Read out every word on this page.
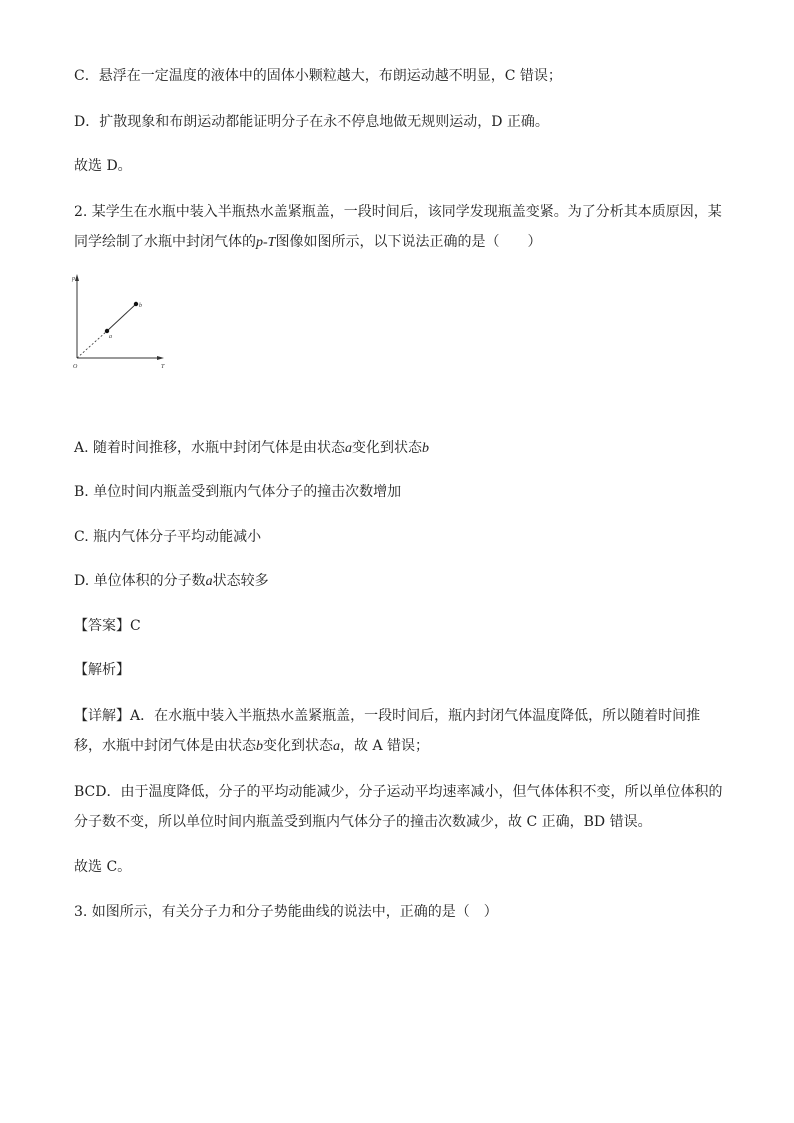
C．悬浮在一定温度的液体中的固体小颗粒越大，布朗运动越不明显，C 错误；
D．扩散现象和布朗运动都能证明分子在永不停息地做无规则运动，D 正确。
故选 D。
2. 某学生在水瓶中装入半瓶热水盖紧瓶盖，一段时间后，该同学发现瓶盖变紧。为了分析其本质原因，某
同学绘制了水瓶中封闭气体的p-T图像如图所示，以下说法正确的是（　　）
p
T
O
a
b
A. 随着时间推移，水瓶中封闭气体是由状态a变化到状态b
B. 单位时间内瓶盖受到瓶内气体分子的撞击次数增加
C. 瓶内气体分子平均动能减小
D. 单位体积的分子数a状态较多
【答案】C
【解析】
【详解】A．在水瓶中装入半瓶热水盖紧瓶盖，一段时间后，瓶内封闭气体温度降低，所以随着时间推
移，水瓶中封闭气体是由状态b变化到状态a，故 A 错误；
BCD．由于温度降低，分子的平均动能减少，分子运动平均速率减小，但气体体积不变，所以单位体积的
分子数不变，所以单位时间内瓶盖受到瓶内气体分子的撞击次数减少，故 C 正确，BD 错误。
故选 C。
3. 如图所示，有关分子力和分子势能曲线的说法中，正确的是（　）
